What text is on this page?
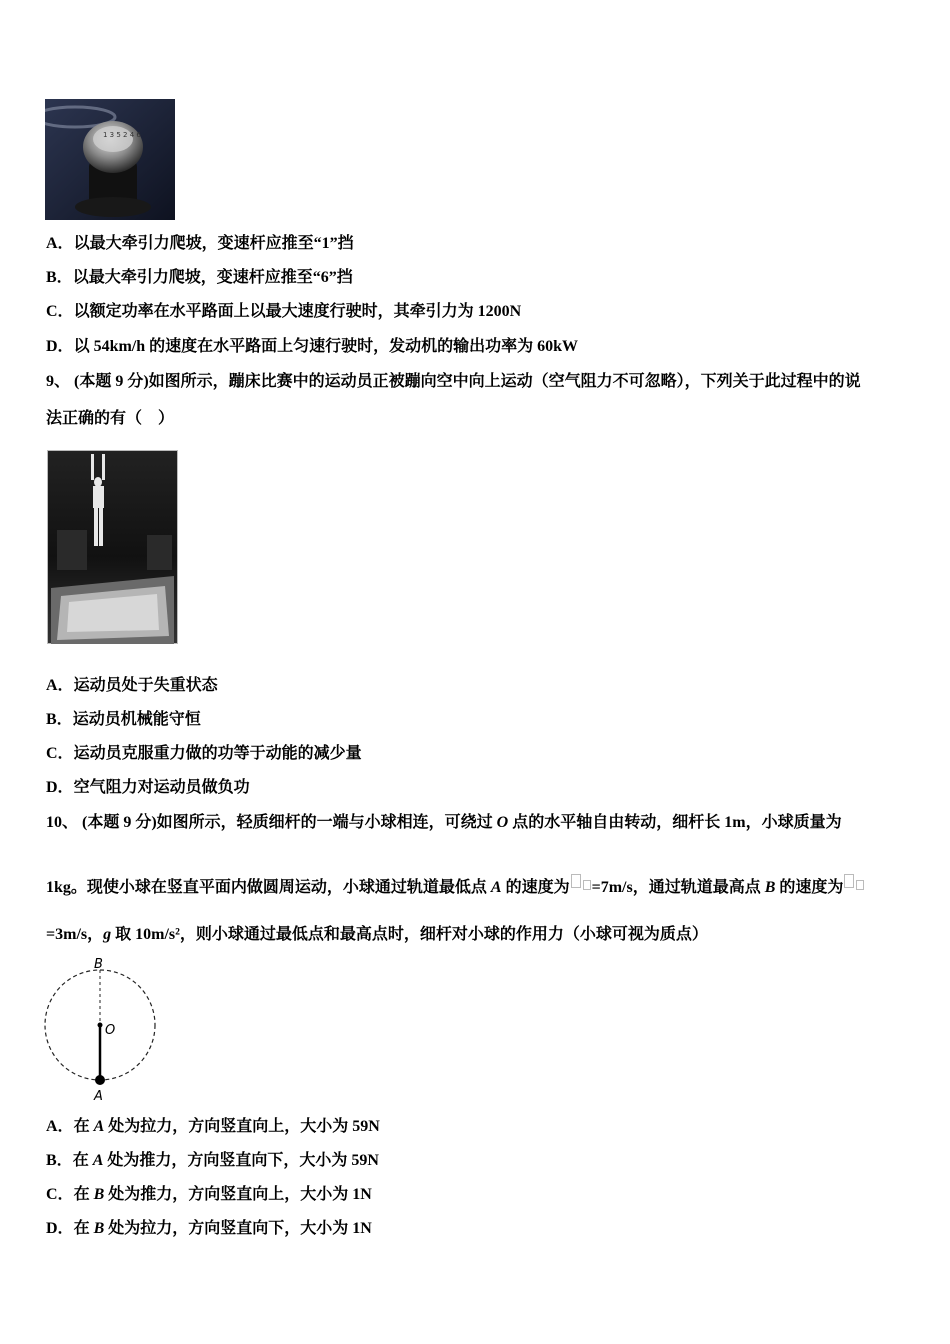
1 3 5 2 4 6
A．以最大牵引力爬坡，变速杆应推至“1”挡
B．以最大牵引力爬坡，变速杆应推至“6”挡
C．以额定功率在水平路面上以最大速度行驶时，其牵引力为 1200N
D．以 54km/h 的速度在水平路面上匀速行驶时，发动机的输出功率为 60kW
9、 (本题 9 分)如图所示，蹦床比赛中的运动员正被蹦向空中向上运动（空气阻力不可忽略），下列关于此过程中的说
法正确的有（　）
A．运动员处于失重状态
B．运动员机械能守恒
C．运动员克服重力做的功等于动能的减少量
D．空气阻力对运动员做负功
10、 (本题 9 分)如图所示，轻质细杆的一端与小球相连，可绕过 O 点的水平轴自由转动，细杆长 1m，小球质量为
1kg。现使小球在竖直平面内做圆周运动，小球通过轨道最低点 A 的速度为 =7m/s，通过轨道最高点 B 的速度为
=3m/s，g 取 10m/s²，则小球通过最低点和最高点时，细杆对小球的作用力（小球可视为质点）
B
O
A
A．在 A 处为拉力，方向竖直向上，大小为 59N
B．在 A 处为推力，方向竖直向下，大小为 59N
C．在 B 处为推力，方向竖直向上，大小为 1N
D．在 B 处为拉力，方向竖直向下，大小为 1N
